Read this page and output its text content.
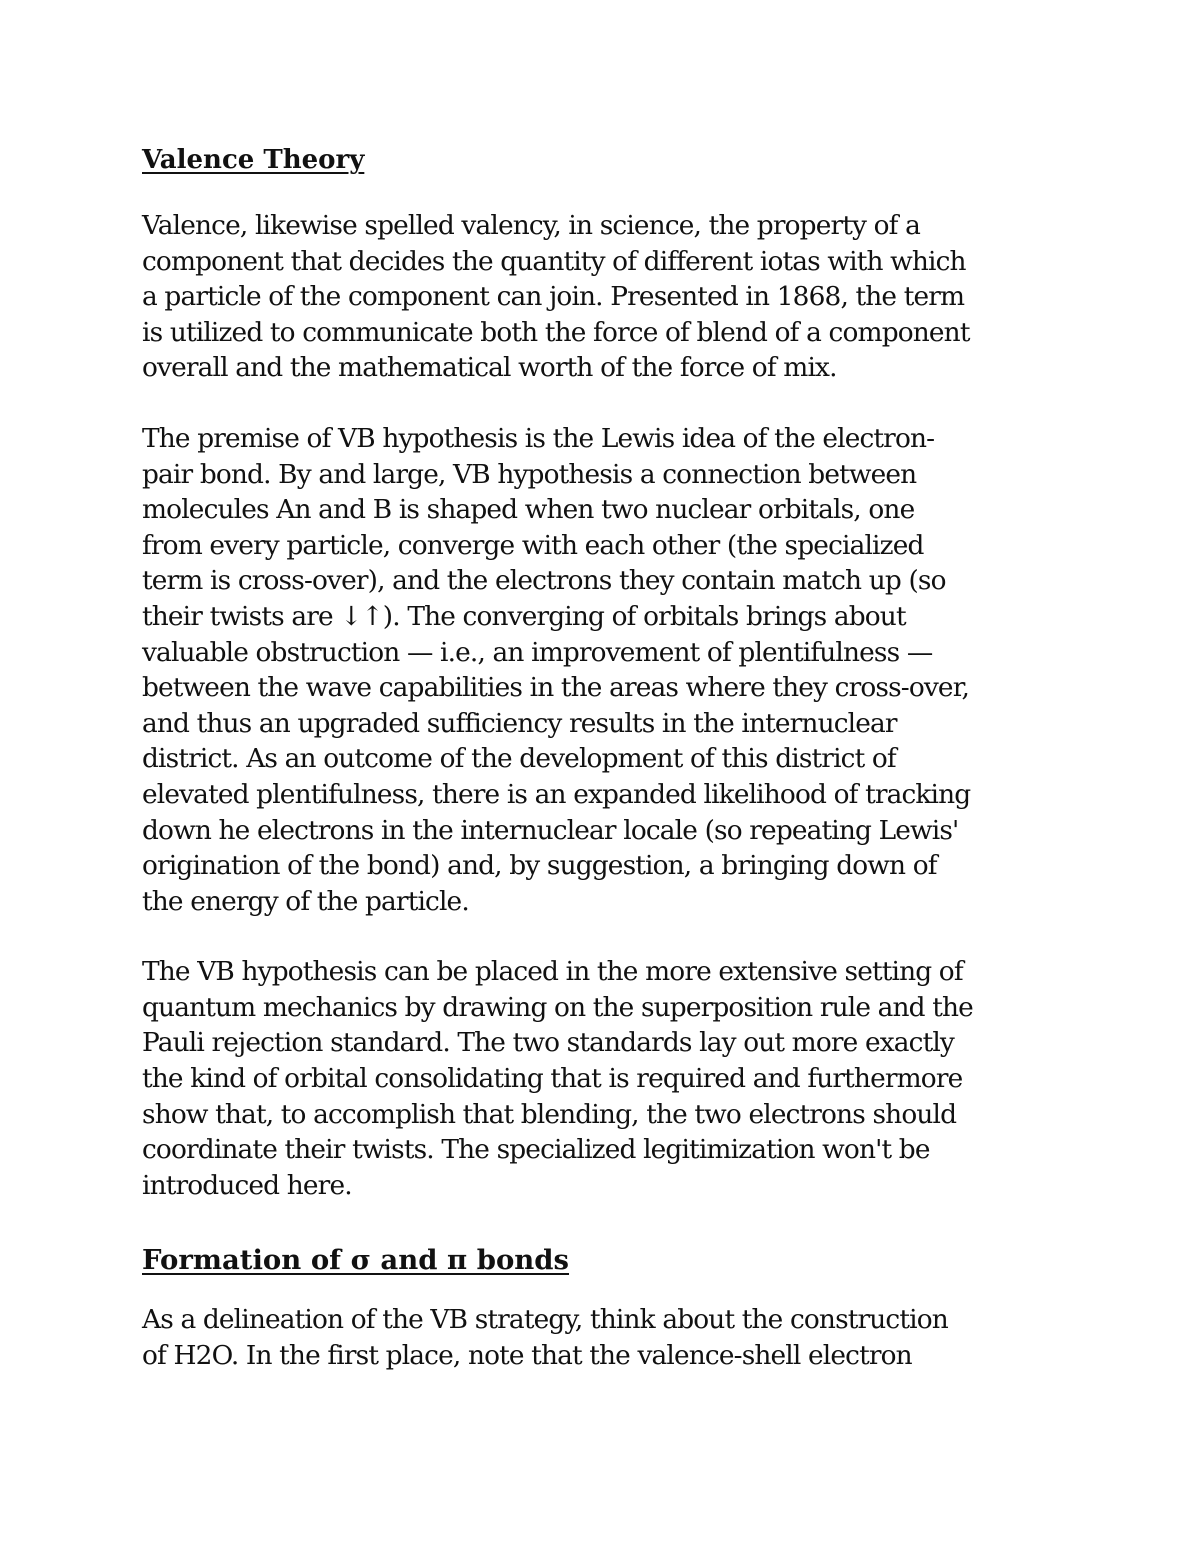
Valence Theory

Valence, likewise spelled valency, in science, the property of a
component that decides the quantity of different iotas with which
a particle of the component can join. Presented in 1868, the term
is utilized to communicate both the force of blend of a component
overall and the mathematical worth of the force of mix.

The premise of VB hypothesis is the Lewis idea of the electron-
pair bond. By and large, VB hypothesis a connection between
molecules An and B is shaped when two nuclear orbitals, one
from every particle, converge with each other (the specialized
term is cross-over), and the electrons they contain match up (so
their twists are ↓↑). The converging of orbitals brings about
valuable obstruction — i.e., an improvement of plentifulness —
between the wave capabilities in the areas where they cross-over,
and thus an upgraded sufficiency results in the internuclear
district. As an outcome of the development of this district of
elevated plentifulness, there is an expanded likelihood of tracking
down he electrons in the internuclear locale (so repeating Lewis'
origination of the bond) and, by suggestion, a bringing down of
the energy of the particle.

The VB hypothesis can be placed in the more extensive setting of
quantum mechanics by drawing on the superposition rule and the
Pauli rejection standard. The two standards lay out more exactly
the kind of orbital consolidating that is required and furthermore
show that, to accomplish that blending, the two electrons should
coordinate their twists. The specialized legitimization won't be
introduced here.

Formation of σ and π bonds

As a delineation of the VB strategy, think about the construction
of H2O. In the first place, note that the valence-shell electron
